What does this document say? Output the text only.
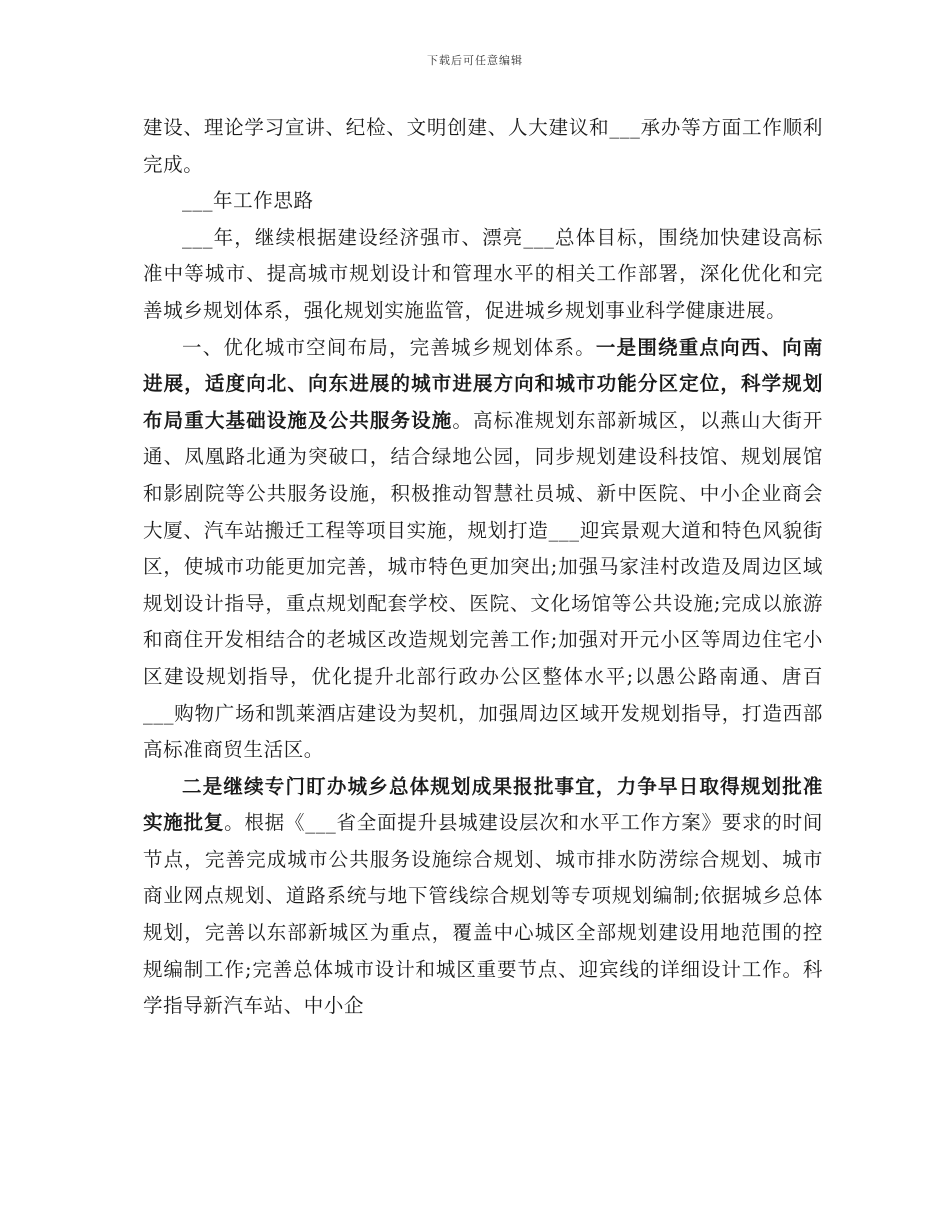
下载后可任意编辑

建设、理论学习宣讲、纪检、文明创建、人大建议和___承办等方面工作顺利完成。

___年工作思路

___年，继续根据建设经济强市、漂亮___总体目标，围绕加快建设高标准中等城市、提高城市规划设计和管理水平的相关工作部署，深化优化和完善城乡规划体系，强化规划实施监管，促进城乡规划事业科学健康进展。

一、优化城市空间布局，完善城乡规划体系。一是围绕重点向西、向南进展，适度向北、向东进展的城市进展方向和城市功能分区定位，科学规划布局重大基础设施及公共服务设施。高标准规划东部新城区，以燕山大街开通、凤凰路北通为突破口，结合绿地公园，同步规划建设科技馆、规划展馆和影剧院等公共服务设施，积极推动智慧社员城、新中医院、中小企业商会大厦、汽车站搬迁工程等项目实施，规划打造___迎宾景观大道和特色风貌街区，使城市功能更加完善，城市特色更加突出;加强马家洼村改造及周边区域规划设计指导，重点规划配套学校、医院、文化场馆等公共设施;完成以旅游和商住开发相结合的老城区改造规划完善工作;加强对开元小区等周边住宅小区建设规划指导，优化提升北部行政办公区整体水平;以愚公路南通、唐百___购物广场和凯莱酒店建设为契机，加强周边区域开发规划指导，打造西部高标准商贸生活区。

二是继续专门盯办城乡总体规划成果报批事宜，力争早日取得规划批准实施批复。根据《___省全面提升县城建设层次和水平工作方案》要求的时间节点，完善完成城市公共服务设施综合规划、城市排水防涝综合规划、城市商业网点规划、道路系统与地下管线综合规划等专项规划编制;依据城乡总体规划，完善以东部新城区为重点，覆盖中心城区全部规划建设用地范围的控规编制工作;完善总体城市设计和城区重要节点、迎宾线的详细设计工作。科学指导新汽车站、中小企
